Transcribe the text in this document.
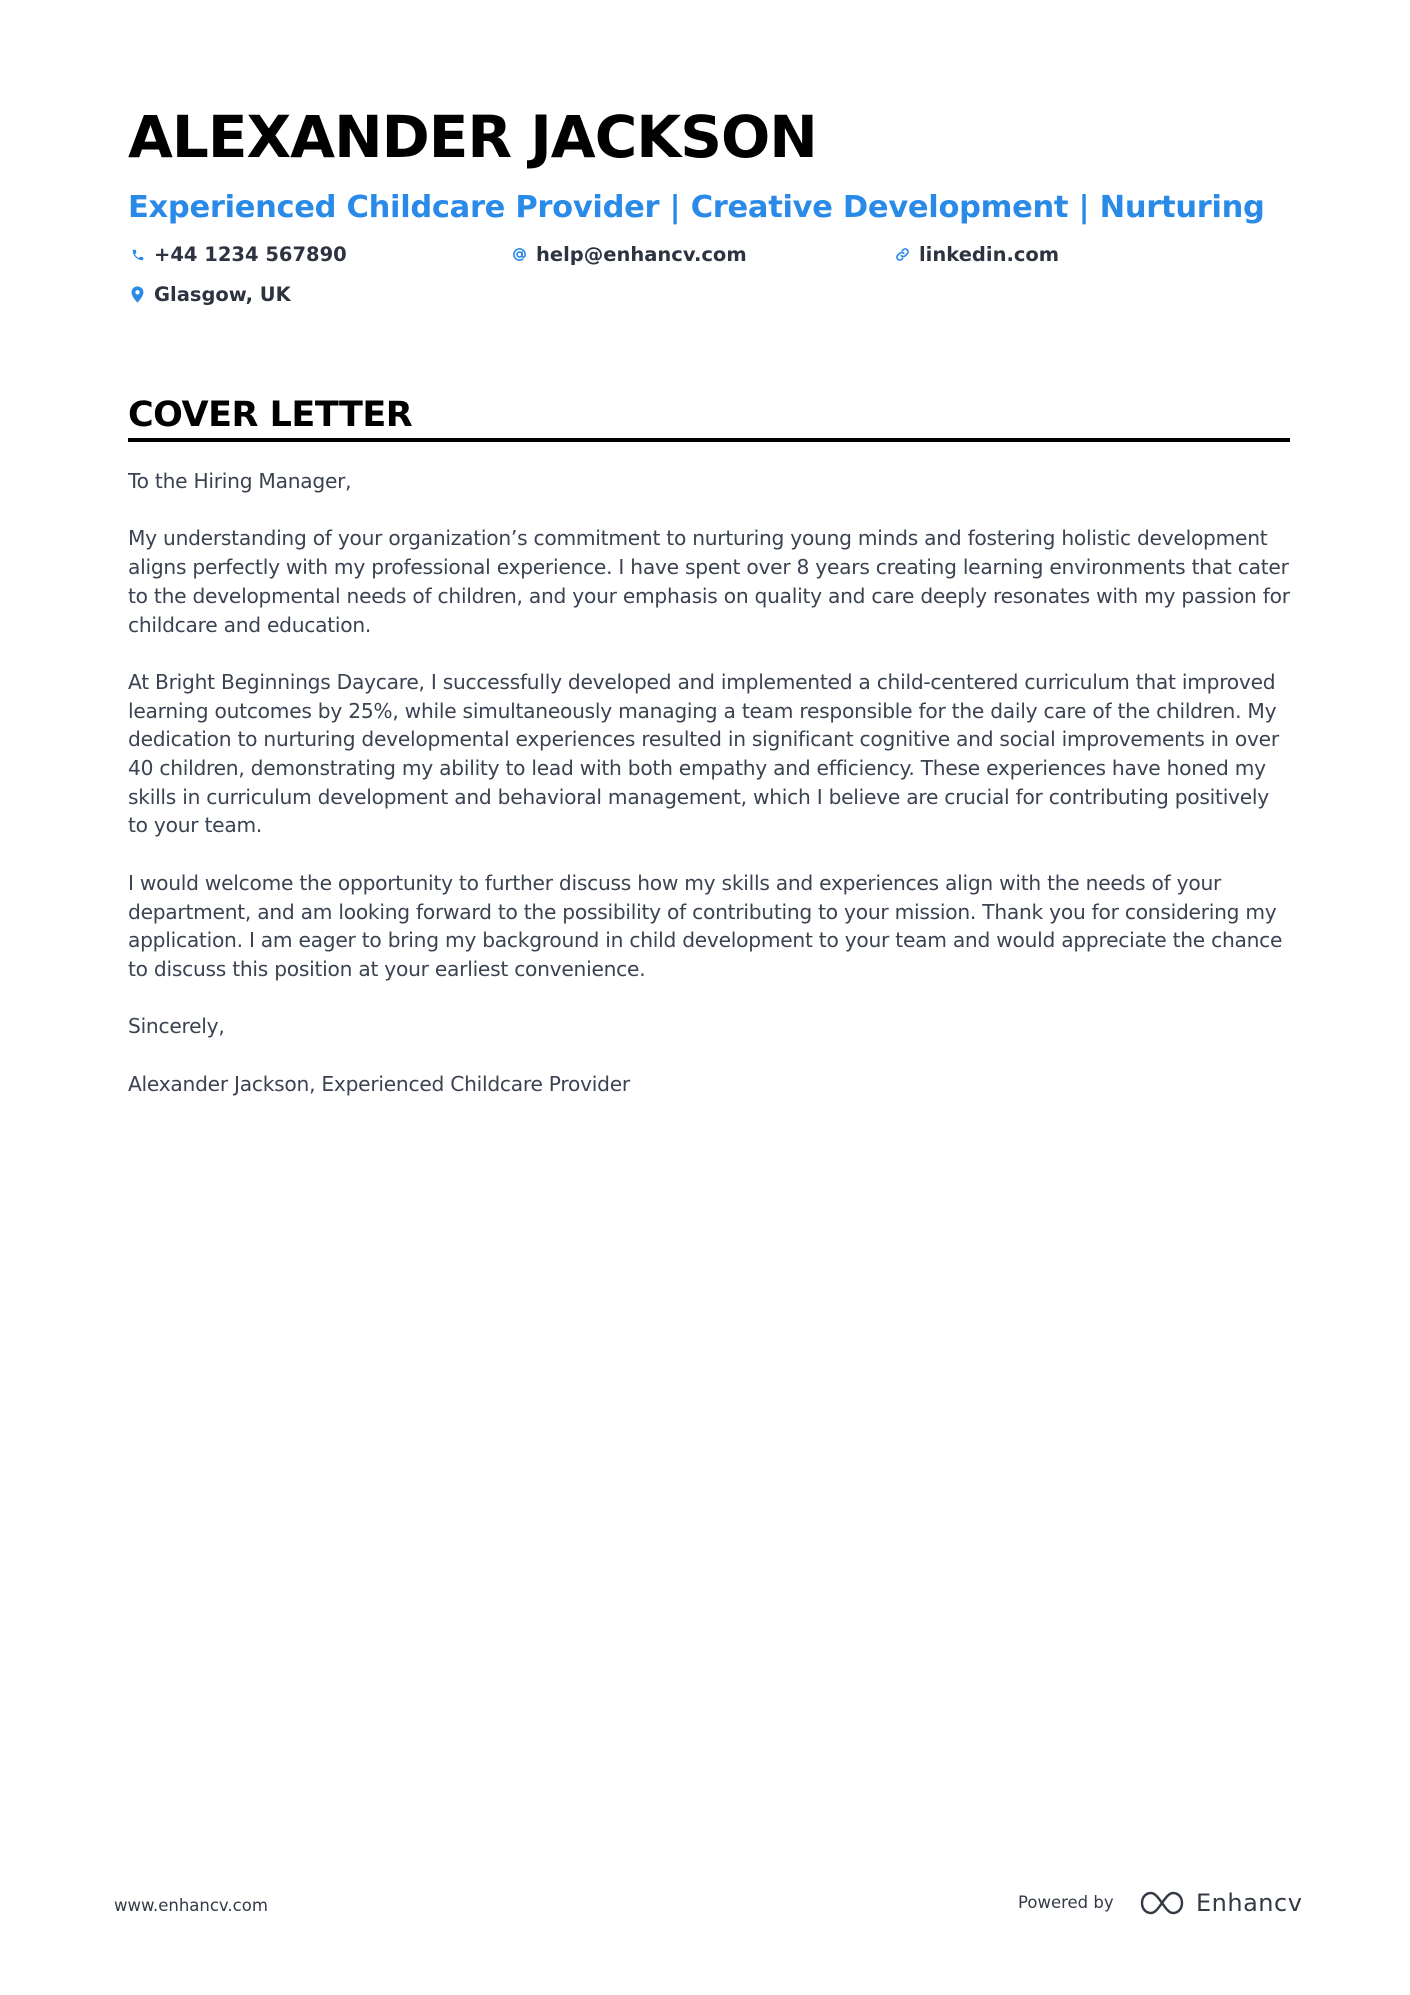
ALEXANDER JACKSON
Experienced Childcare Provider | Creative Development | Nurturing
+44 1234 567890	help@enhancv.com	linkedin.com
Glasgow, UK
COVER LETTER

To the Hiring Manager,

My understanding of your organization’s commitment to nurturing young minds and fostering holistic development aligns perfectly with my professional experience. I have spent over 8 years creating learning environments that cater to the developmental needs of children, and your emphasis on quality and care deeply resonates with my passion for childcare and education.

At Bright Beginnings Daycare, I successfully developed and implemented a child-centered curriculum that improved learning outcomes by 25%, while simultaneously managing a team responsible for the daily care of the children. My dedication to nurturing developmental experiences resulted in significant cognitive and social improvements in over 40 children, demonstrating my ability to lead with both empathy and efficiency. These experiences have honed my skills in curriculum development and behavioral management, which I believe are crucial for contributing positively to your team.

I would welcome the opportunity to further discuss how my skills and experiences align with the needs of your department, and am looking forward to the possibility of contributing to your mission. Thank you for considering my application. I am eager to bring my background in child development to your team and would appreciate the chance to discuss this position at your earliest convenience.

Sincerely,

Alexander Jackson, Experienced Childcare Provider

www.enhancv.com	Powered by	Enhancv
